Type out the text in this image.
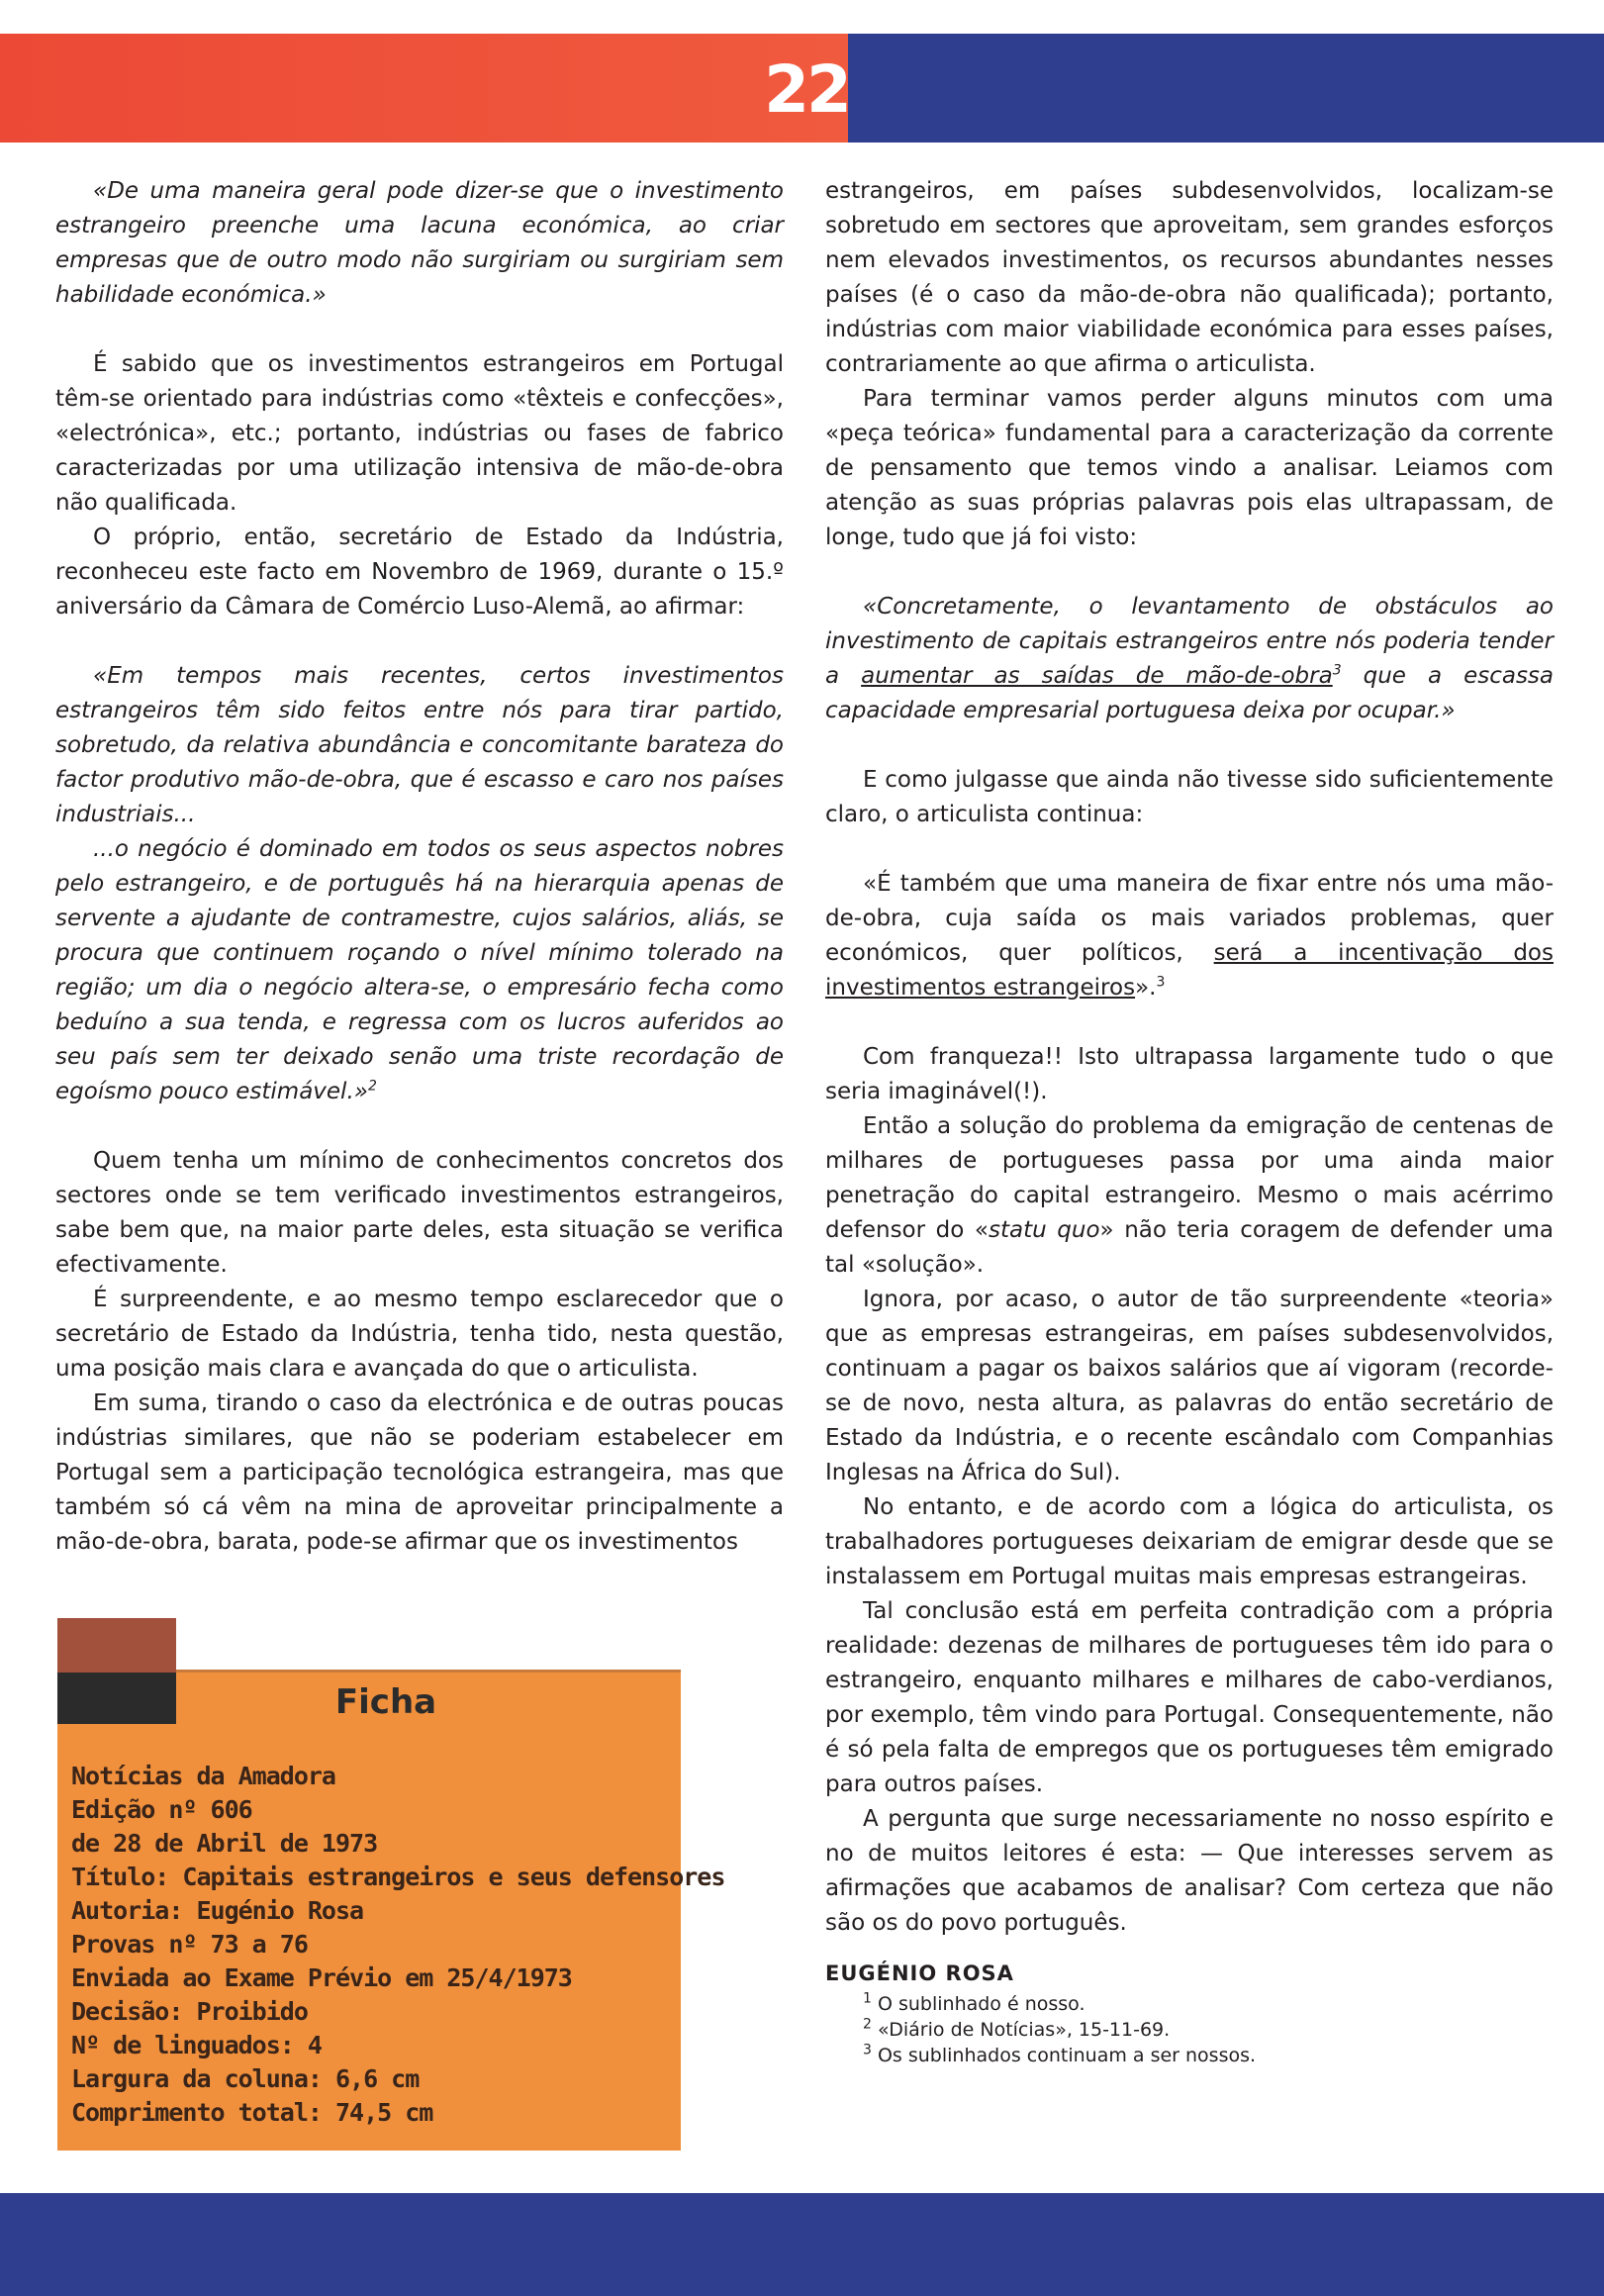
22

«De uma maneira geral pode dizer-se que o investimento estrangeiro preenche uma lacuna económica, ao criar empresas que de outro modo não surgiriam ou surgiriam sem habilidade económica.»

É sabido que os investimentos estrangeiros em Portugal têm-se orientado para indústrias como «têxteis e confecções», «electrónica», etc.; portanto, indústrias ou fases de fabrico caracterizadas por uma utilização intensiva de mão-de-obra não qualificada.

O próprio, então, secretário de Estado da Indústria, reconheceu este facto em Novembro de 1969, durante o 15.º aniversário da Câmara de Comércio Luso-Alemã, ao afirmar:

«Em tempos mais recentes, certos investimentos estrangeiros têm sido feitos entre nós para tirar partido, sobretudo, da relativa abundância e concomitante barateza do factor produtivo mão-de-obra, que é escasso e caro nos países industriais...

...o negócio é dominado em todos os seus aspectos nobres pelo estrangeiro, e de português há na hierarquia apenas de servente a ajudante de contramestre, cujos salários, aliás, se procura que continuem roçando o nível mínimo tolerado na região; um dia o negócio altera-se, o empresário fecha como beduíno a sua tenda, e regressa com os lucros auferidos ao seu país sem ter deixado senão uma triste recordação de egoísmo pouco estimável.»$^2$

Quem tenha um mínimo de conhecimentos concretos dos sectores onde se tem verificado investimentos estrangeiros, sabe bem que, na maior parte deles, esta situação se verifica efectivamente.

É surpreendente, e ao mesmo tempo esclarecedor que o secretário de Estado da Indústria, tenha tido, nesta questão, uma posição mais clara e avançada do que o articulista.

Em suma, tirando o caso da electrónica e de outras poucas indústrias similares, que não se poderiam estabelecer em Portugal sem a participação tecnológica estrangeira, mas que também só cá vêm na mina de aproveitar principalmente a mão-de-obra, barata, pode-se afirmar que os investimentos

estrangeiros, em países subdesenvolvidos, localizam-se sobretudo em sectores que aproveitam, sem grandes esforços nem elevados investimentos, os recursos abundantes nesses países (é o caso da mão-de-obra não qualificada); portanto, indústrias com maior viabilidade económica para esses países, contrariamente ao que afirma o articulista.

Para terminar vamos perder alguns minutos com uma «peça teórica» fundamental para a caracterização da corrente de pensamento que temos vindo a analisar. Leiamos com atenção as suas próprias palavras pois elas ultrapassam, de longe, tudo que já foi visto:

«Concretamente, o levantamento de obstáculos ao investimento de capitais estrangeiros entre nós poderia tender a aumentar as saídas de mão-de-obra$^3$ que a escassa capacidade empresarial portuguesa deixa por ocupar.»

E como julgasse que ainda não tivesse sido suficientemente claro, o articulista continua:

«É também que uma maneira de fixar entre nós uma mão-de-obra, cuja saída os mais variados problemas, quer económicos, quer políticos, será a incentivação dos investimentos estrangeiros».$^3$

Com franqueza!! Isto ultrapassa largamente tudo o que seria imaginável(!).

Então a solução do problema da emigração de centenas de milhares de portugueses passa por uma ainda maior penetração do capital estrangeiro. Mesmo o mais acérrimo defensor do «statu quo» não teria coragem de defender uma tal «solução».

Ignora, por acaso, o autor de tão surpreendente «teoria» que as empresas estrangeiras, em países subdesenvolvidos, continuam a pagar os baixos salários que aí vigoram (recorde-se de novo, nesta altura, as palavras do então secretário de Estado da Indústria, e o recente escândalo com Companhias Inglesas na África do Sul).

No entanto, e de acordo com a lógica do articulista, os trabalhadores portugueses deixariam de emigrar desde que se instalassem em Portugal muitas mais empresas estrangeiras.

Tal conclusão está em perfeita contradição com a própria realidade: dezenas de milhares de portugueses têm ido para o estrangeiro, enquanto milhares e milhares de cabo-verdianos, por exemplo, têm vindo para Portugal. Consequentemente, não é só pela falta de empregos que os portugueses têm emigrado para outros países.

A pergunta que surge necessariamente no nosso espírito e no de muitos leitores é esta: — Que interesses servem as afirmações que acabamos de analisar? Com certeza que não são os do povo português.

EUGÉNIO ROSA

$^1$ O sublinhado é nosso.

$^2$ «Diário de Notícias», 15-11-69.

$^3$ Os sublinhados continuam a ser nossos.

Ficha
Notícias da Amadora
Edição nº 606
de 28 de Abril de 1973
Título: Capitais estrangeiros e seus defensores
Autoria: Eugénio Rosa
Provas nº 73 a 76
Enviada ao Exame Prévio em 25/4/1973
Decisão: Proibido
Nº de linguados: 4
Largura da coluna: 6,6 cm
Comprimento total: 74,5 cm
